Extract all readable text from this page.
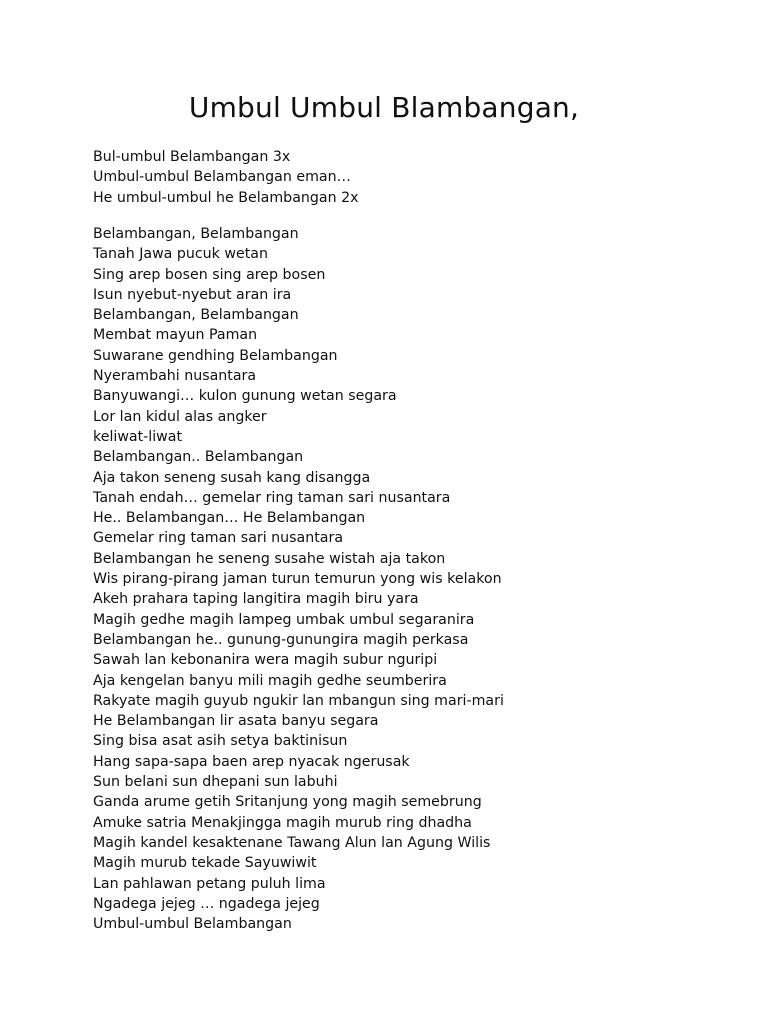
Umbul Umbul Blambangan,
Bul-umbul Belambangan 3x
Umbul-umbul Belambangan eman…
He umbul-umbul he Belambangan 2x
Belambangan, Belambangan
Tanah Jawa pucuk wetan
Sing arep bosen sing arep bosen
Isun nyebut-nyebut aran ira
Belambangan, Belambangan
Membat mayun Paman
Suwarane gendhing Belambangan
Nyerambahi nusantara
Banyuwangi… kulon gunung wetan segara
Lor lan kidul alas angker
keliwat-liwat
Belambangan.. Belambangan
Aja takon seneng susah kang disangga
Tanah endah… gemelar ring taman sari nusantara
He.. Belambangan… He Belambangan
Gemelar ring taman sari nusantara
Belambangan he seneng susahe wistah aja takon
Wis pirang-pirang jaman turun temurun yong wis kelakon
Akeh prahara taping langitira magih biru yara
Magih gedhe magih lampeg umbak umbul segaranira
Belambangan he.. gunung-gunungira magih perkasa
Sawah lan kebonanira wera magih subur nguripi
Aja kengelan banyu mili magih gedhe seumberira
Rakyate magih guyub ngukir lan mbangun sing mari-mari
He Belambangan lir asata banyu segara
Sing bisa asat asih setya baktinisun
Hang sapa-sapa baen arep nyacak ngerusak
Sun belani sun dhepani sun labuhi
Ganda arume getih Sritanjung yong magih semebrung
Amuke satria Menakjingga magih murub ring dhadha
Magih kandel kesaktenane Tawang Alun lan Agung Wilis
Magih murub tekade Sayuwiwit
Lan pahlawan petang puluh lima
Ngadega jejeg … ngadega jejeg
Umbul-umbul Belambangan
